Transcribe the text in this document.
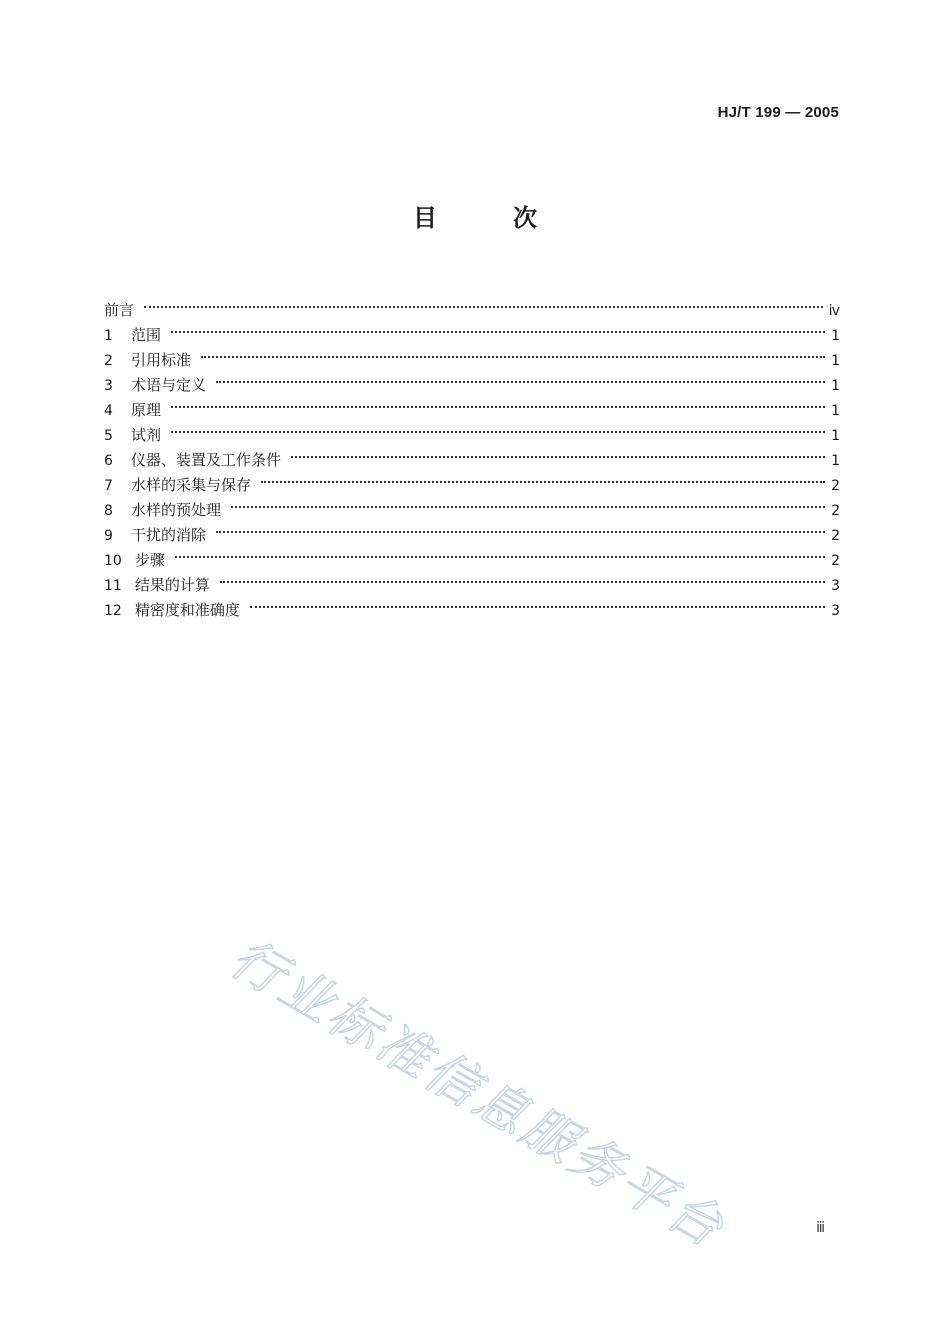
HJ/T 199 — 2005
目	次
前言	ⅳ
1	范围	1
2	引用标准	1
3	术语与定义	1
4	原理	1
5	试剂	1
6	仪器、装置及工作条件	1
7	水样的采集与保存	2
8	水样的预处理	2
9	干扰的消除	2
10 步骤	2
11 结果的计算	3
12 精密度和准确度	3
行业标准信息服务平台	ⅲ
